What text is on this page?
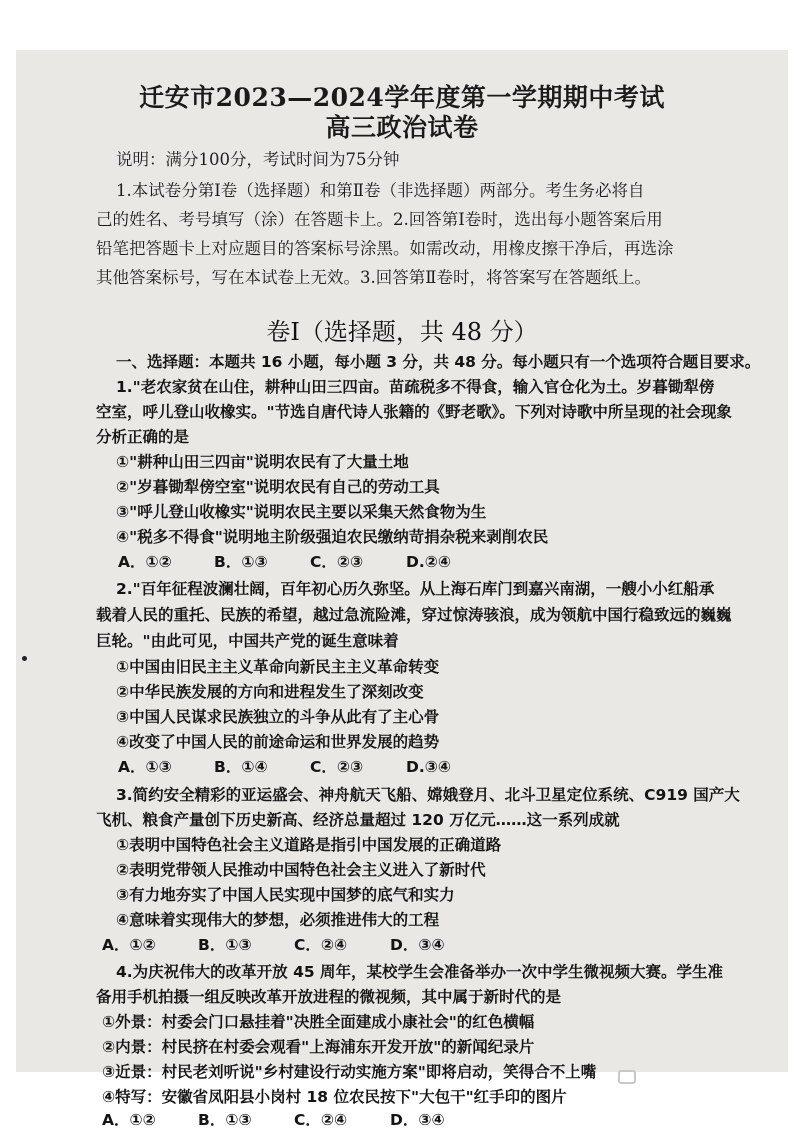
迁安市2023—2024学年度第一学期期中考试
高三政治试卷
说明：满分100分，考试时间为75分钟
1.本试卷分第Ⅰ卷（选择题）和第Ⅱ卷（非选择题）两部分。考生务必将自
己的姓名、考号填写（涂）在答题卡上。2.回答第Ⅰ卷时，选出每小题答案后用
铅笔把答题卡上对应题目的答案标号涂黑。如需改动，用橡皮擦干净后，再选涂
其他答案标号，写在本试卷上无效。3.回答第Ⅱ卷时，将答案写在答题纸上。
卷Ⅰ（选择题，共 48 分）
一、选择题：本题共 16 小题，每小题 3 分，共 48 分。每小题只有一个选项符合题目要求。
1."老农家贫在山住，耕种山田三四亩。苗疏税多不得食，输入官仓化为土。岁暮锄犁傍
空室，呼儿登山收橡实。"节选自唐代诗人张籍的《野老歌》。下列对诗歌中所呈现的社会现象
分析正确的是
①"耕种山田三四亩"说明农民有了大量土地
②"岁暮锄犁傍空室"说明农民有自己的劳动工具
③"呼儿登山收橡实"说明农民主要以采集天然食物为生
④"税多不得食"说明地主阶级强迫农民缴纳苛捐杂税来剥削农民
A．①②	B．①③	C．②③	D.②④
2."百年征程波澜壮阔，百年初心历久弥坚。从上海石库门到嘉兴南湖，一艘小小红船承
载着人民的重托、民族的希望，越过急流险滩，穿过惊涛骇浪，成为领航中国行稳致远的巍巍
巨轮。"由此可见，中国共产党的诞生意味着
①中国由旧民主主义革命向新民主主义革命转变
②中华民族发展的方向和进程发生了深刻改变
③中国人民谋求民族独立的斗争从此有了主心骨
④改变了中国人民的前途命运和世界发展的趋势
A．①③	B．①④	C．②③	D.③④
3.简约安全精彩的亚运盛会、神舟航天飞船、嫦娥登月、北斗卫星定位系统、C919 国产大
飞机、粮食产量创下历史新高、经济总量超过 120 万亿元……这一系列成就
①表明中国特色社会主义道路是指引中国发展的正确道路
②表明党带领人民推动中国特色社会主义进入了新时代
③有力地夯实了中国人民实现中国梦的底气和实力
④意味着实现伟大的梦想，必须推进伟大的工程
A．①②	B．①③	C．②④	D．③④
4.为庆祝伟大的改革开放 45 周年，某校学生会准备举办一次中学生微视频大赛。学生准
备用手机拍摄一组反映改革开放进程的微视频，其中属于新时代的是
①外景：村委会门口悬挂着"决胜全面建成小康社会"的红色横幅
②内景：村民挤在村委会观看"上海浦东开发开放"的新闻纪录片
③近景：村民老刘听说"乡村建设行动实施方案"即将启动，笑得合不上嘴
④特写：安徽省凤阳县小岗村 18 位农民按下"大包干"红手印的图片
A．①②	B．①③	C．②④	D．③④
